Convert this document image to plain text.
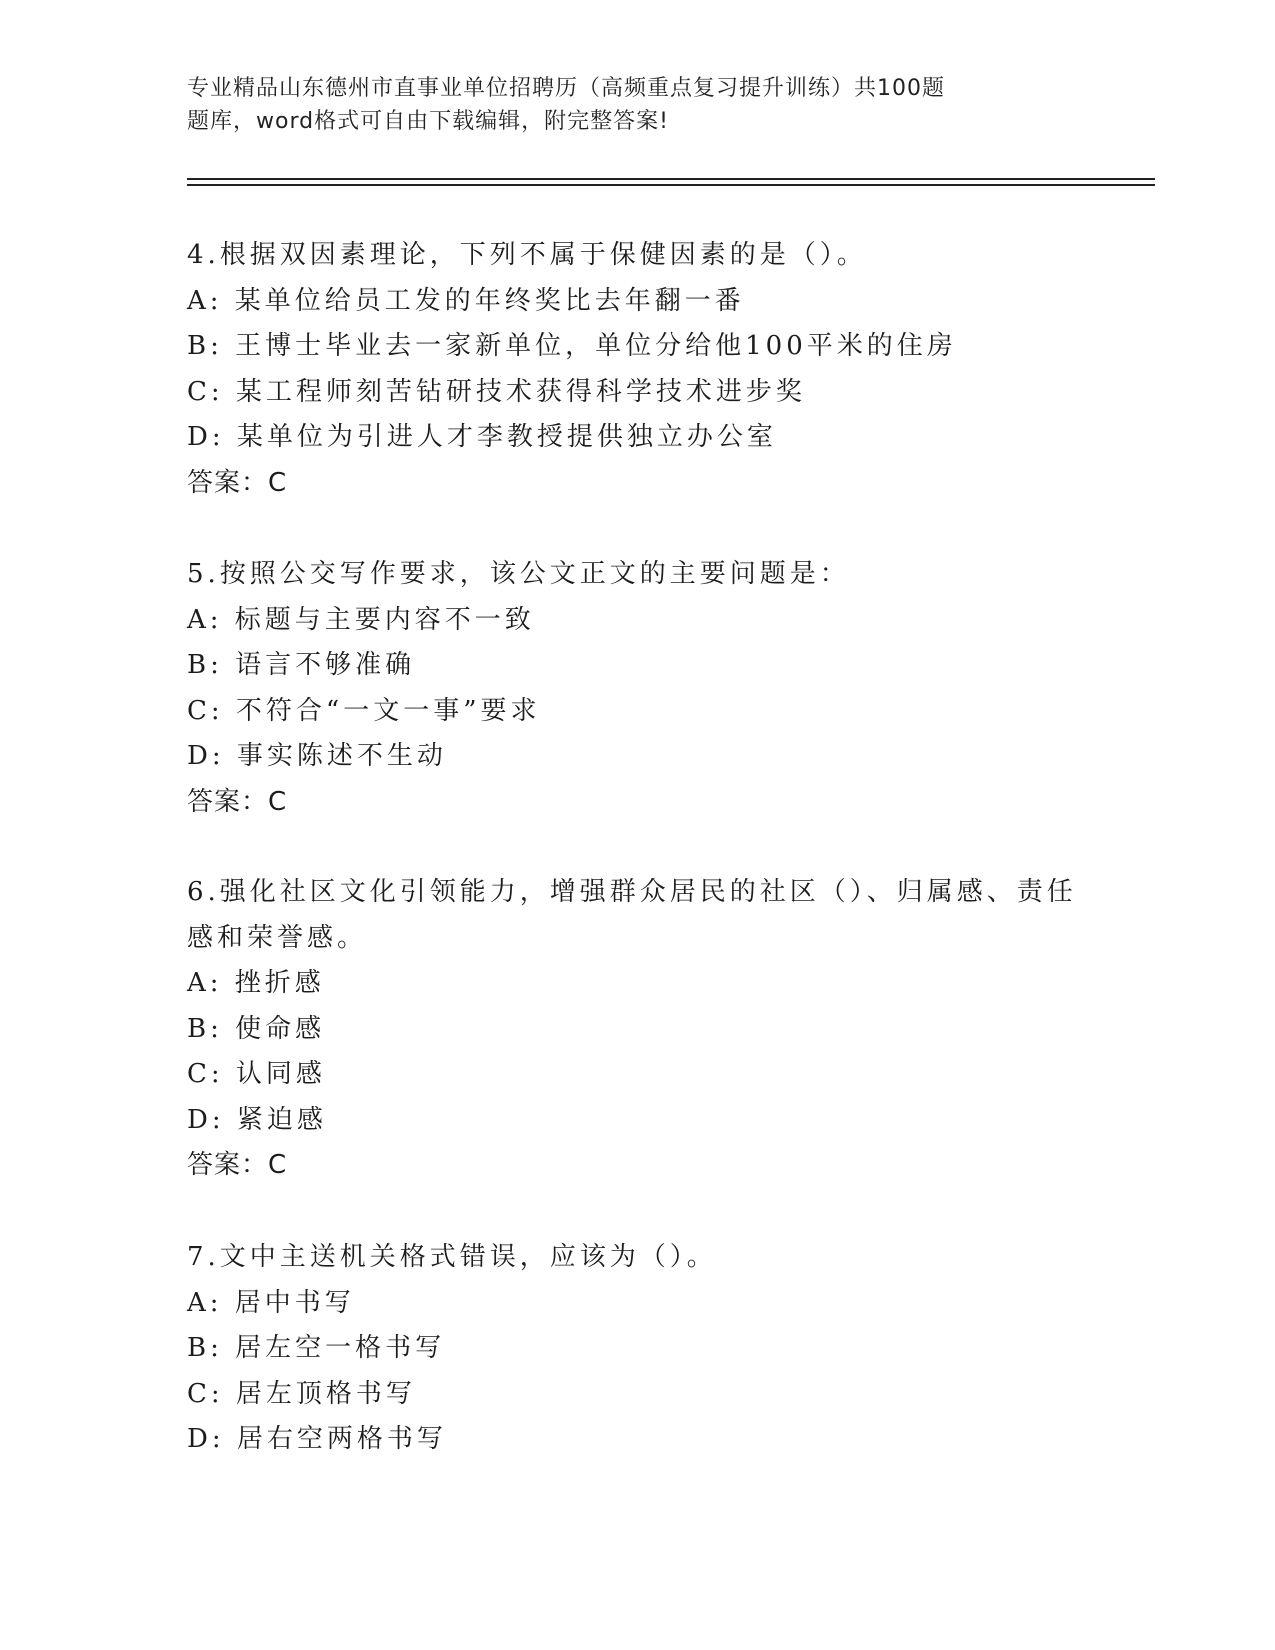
专业精品山东德州市直事业单位招聘历（高频重点复习提升训练）共100题
题库，word格式可自由下载编辑，附完整答案!
4.根据双因素理论，下列不属于保健因素的是（）。
A: 某单位给员工发的年终奖比去年翻一番
B: 王博士毕业去一家新单位，单位分给他100平米的住房
C: 某工程师刻苦钻研技术获得科学技术进步奖
D: 某单位为引进人才李教授提供独立办公室
答案：C
5.按照公交写作要求，该公文正文的主要问题是：
A: 标题与主要内容不一致
B: 语言不够准确
C: 不符合“一文一事”要求
D: 事实陈述不生动
答案：C
6.强化社区文化引领能力，增强群众居民的社区（）、归属感、责任
感和荣誉感。
A: 挫折感
B: 使命感
C: 认同感
D: 紧迫感
答案：C
7.文中主送机关格式错误，应该为（）。
A: 居中书写
B: 居左空一格书写
C: 居左顶格书写
D: 居右空两格书写
